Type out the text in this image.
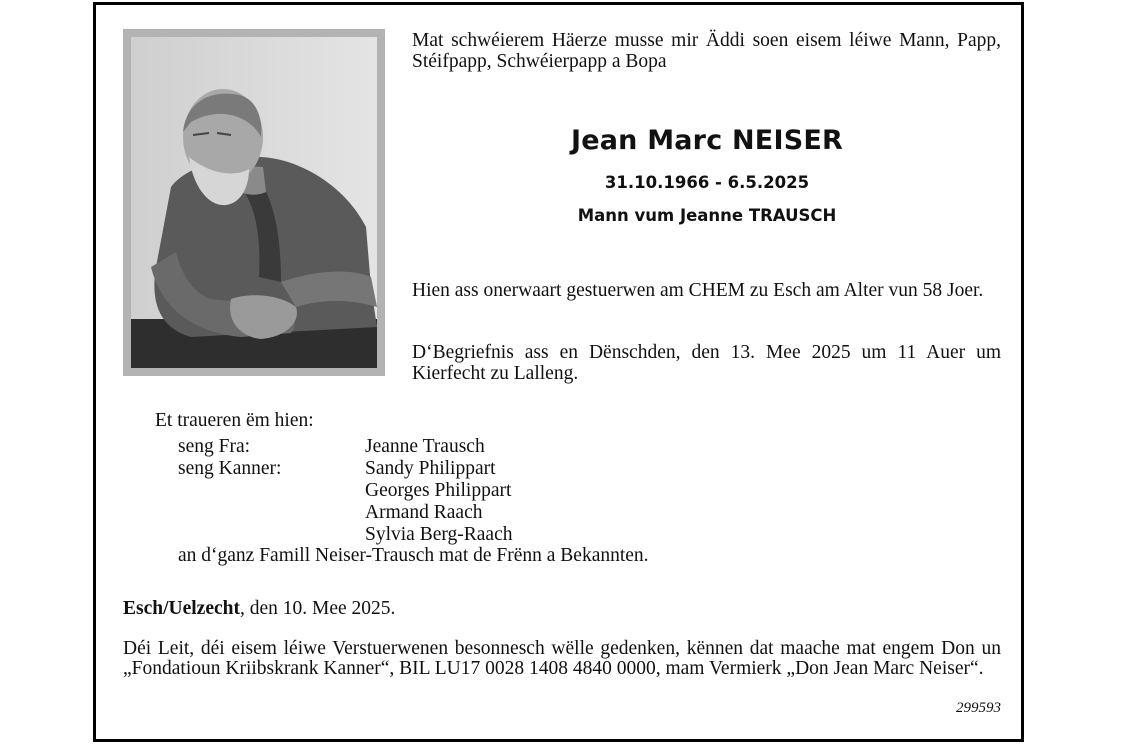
Mat schwéierem Häerze musse mir Äddi soen eisem léiwe Mann, Papp, Stéifpapp, Schwéierpapp a Bopa
Jean Marc NEISER
31.10.1966 - 6.5.2025
Mann vum Jeanne TRAUSCH
Hien ass onerwaart gestuerwen am CHEM zu Esch am Alter vun 58 Joer.
D‘Begriefnis ass en Dënschden, den 13. Mee 2025 um 11 Auer um Kierfecht zu Lalleng.
Et traueren ëm hien:
seng Fra:	Jeanne Trausch
seng Kanner:	Sandy Philippart
Georges Philippart
Armand Raach
Sylvia Berg-Raach
an d‘ganz Famill Neiser-Trausch mat de Frënn a Bekannten.
Esch/Uelzecht, den 10. Mee 2025.
Déi Leit, déi eisem léiwe Verstuerwenen besonnesch wëlle gedenken, kënnen dat maache mat engem Don un „Fondatioun Kriibskrank Kanner“, BIL LU17 0028 1408 4840 0000, mam Vermierk „Don Jean Marc Neiser“.
299593
